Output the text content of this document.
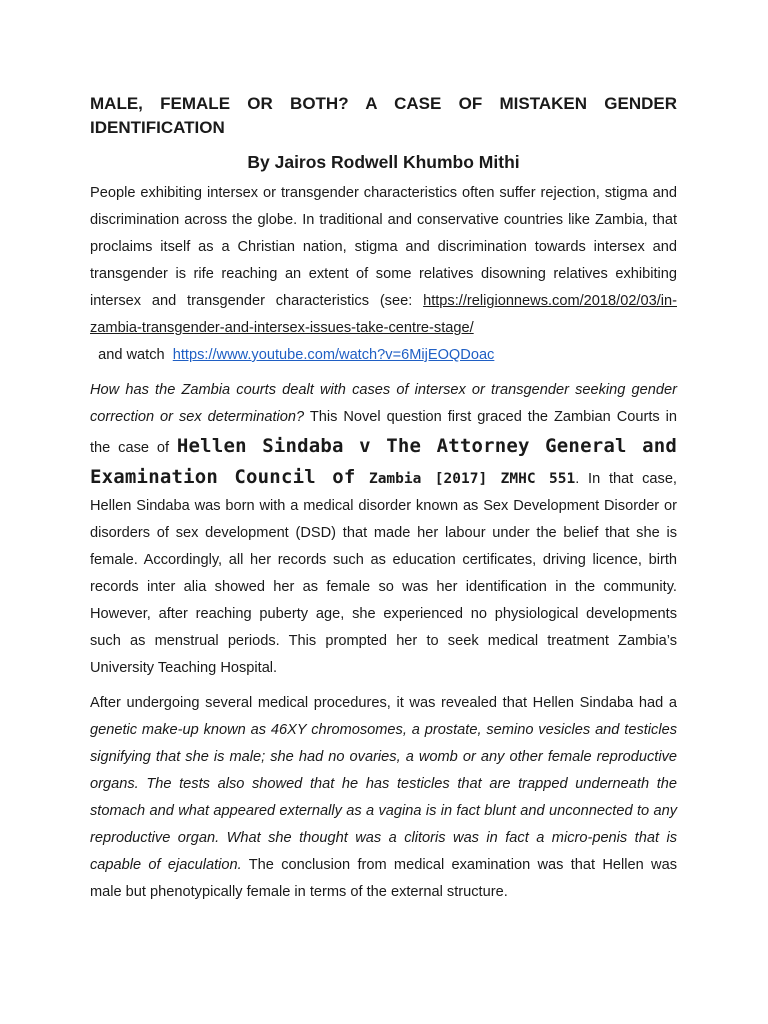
MALE, FEMALE OR BOTH? A CASE OF MISTAKEN GENDER IDENTIFICATION
By Jairos Rodwell Khumbo Mithi

People exhibiting intersex or transgender characteristics often suffer rejection, stigma and discrimination across the globe. In traditional and conservative countries like Zambia, that proclaims itself as a Christian nation, stigma and discrimination towards intersex and transgender is rife reaching an extent of some relatives disowning relatives exhibiting intersex and transgender characteristics (see: https://religionnews.com/2018/02/03/in-zambia-transgender-and-intersex-issues-take-centre-stage/  and watch  https://www.youtube.com/watch?v=6MijEOQDoac

How has the Zambia courts dealt with cases of intersex or transgender seeking gender correction or sex determination? This Novel question first graced the Zambian Courts in the case of Hellen Sindaba v The Attorney General and Examination Council of Zambia [2017] ZMHC 551. In that case, Hellen Sindaba was born with a medical disorder known as Sex Development Disorder or disorders of sex development (DSD) that made her labour under the belief that she is female. Accordingly, all her records such as education certificates, driving licence, birth records inter alia showed her as female so was her identification in the community. However, after reaching puberty age, she experienced no physiological developments such as menstrual periods. This prompted her to seek medical treatment Zambia’s University Teaching Hospital.

After undergoing several medical procedures, it was revealed that Hellen Sindaba had a genetic make-up known as 46XY chromosomes, a prostate, semino vesicles and testicles signifying that she is male; she had no ovaries, a womb or any other female reproductive organs. The tests also showed that he has testicles that are trapped underneath the stomach and what appeared externally as a vagina is in fact blunt and unconnected to any reproductive organ. What she thought was a clitoris was in fact a micro-penis that is capable of ejaculation. The conclusion from medical examination was that Hellen was male but phenotypically female in terms of the external structure.
